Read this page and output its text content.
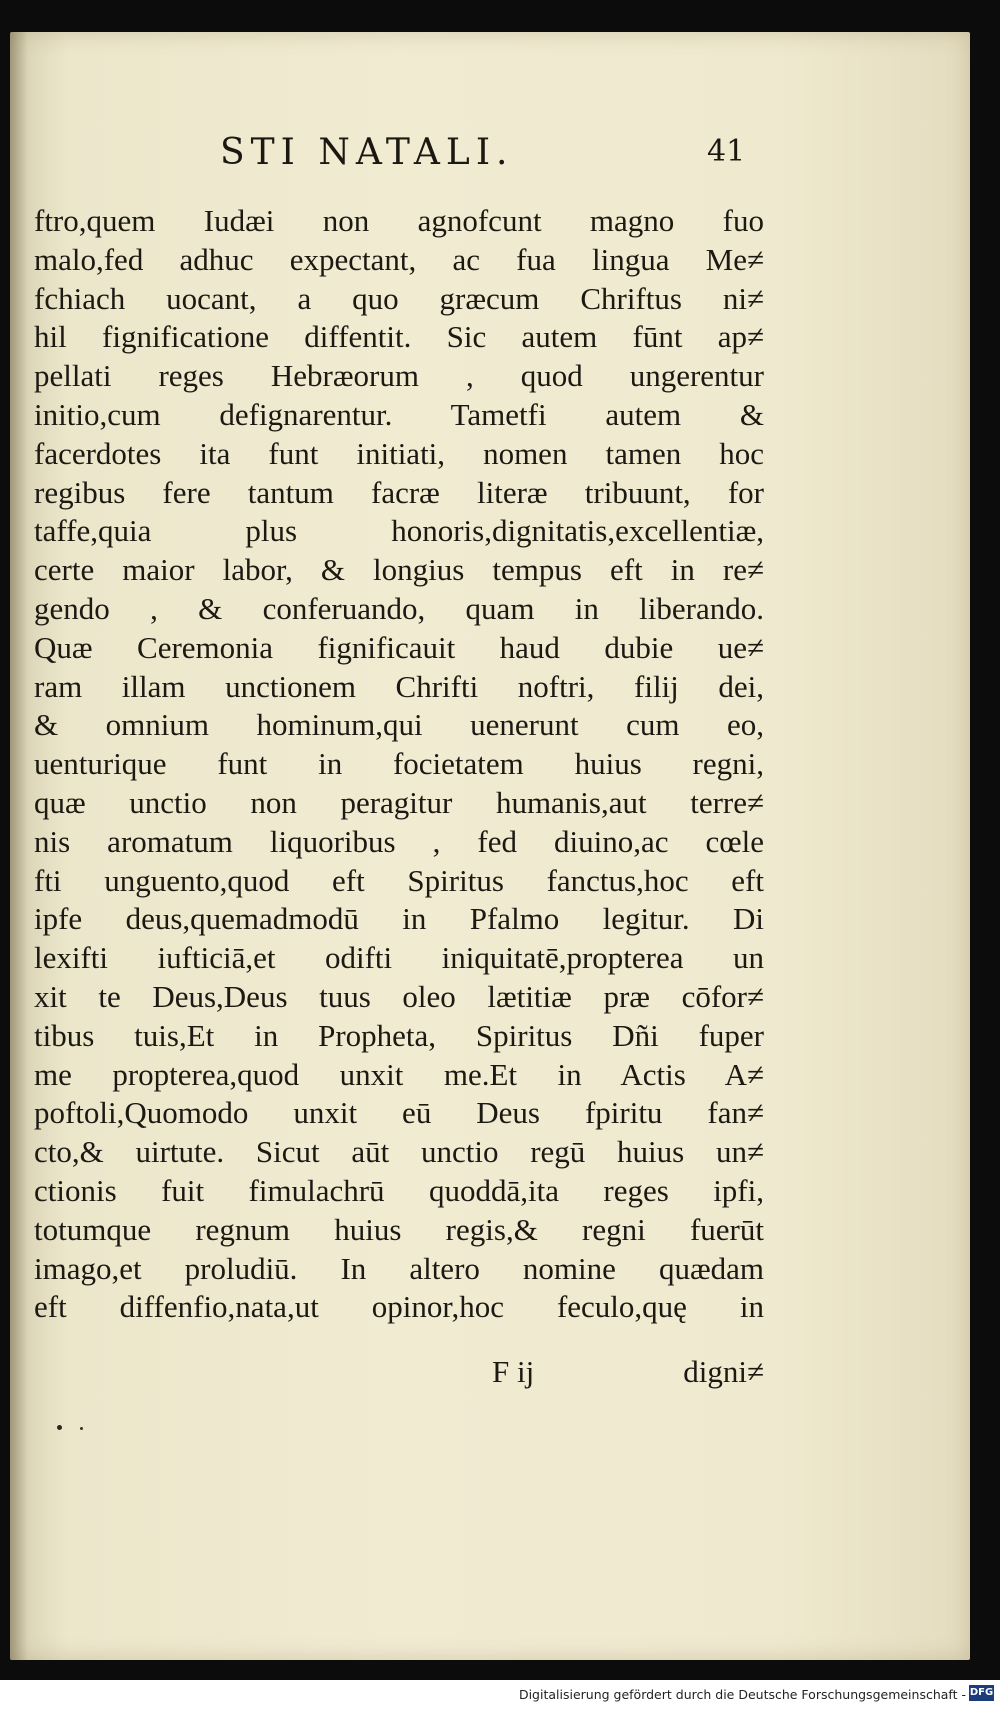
STI NATALI.	41
ftro,quem Iudæi non agnofcunt magno fuo
malo,fed adhuc expectant, ac fua lingua Me≠
fchiach uocant, a quo græcum Chriftus ni≠
hil fignificatione diffentit. Sic autem fūnt ap≠
pellati reges Hebræorum , quod ungerentur
initio,cum defignarentur. Tametfi autem &
facerdotes ita funt initiati, nomen tamen hoc
regibus fere tantum facræ literæ tribuunt, for
taffe,quia plus honoris,dignitatis,excellentiæ,
certe maior labor, & longius tempus eft in re≠
gendo , & conferuando, quam in liberando.
Quæ Ceremonia fignificauit haud dubie ue≠
ram illam unctionem Chrifti noftri, filij dei,
& omnium hominum,qui uenerunt cum eo,
uenturique funt in focietatem huius regni,
quæ unctio non peragitur humanis,aut terre≠
nis aromatum liquoribus , fed diuino,ac cœle
fti unguento,quod eft Spiritus fanctus,hoc eft
ipfe deus,quemadmodū in Pfalmo legitur. Di
lexifti iufticiā,et odifti iniquitatē,propterea un
xit te Deus,Deus tuus oleo lætitiæ præ cōfor≠
tibus tuis,Et in Propheta, Spiritus Dñi fuper
me propterea,quod unxit me.Et in Actis A≠
poftoli,Quomodo unxit eū Deus fpiritu fan≠
cto,& uirtute. Sicut aūt unctio regū huius un≠
ctionis fuit fimulachrū quoddā,ita reges ipfi,
totumque regnum huius regis,& regni fuerūt
imago,et proludiū. In altero nomine quædam
eft diffenfio,nata,ut opinor,hoc feculo,quę in
F ij	digni≠
Digitalisierung gefördert durch die Deutsche Forschungsgemeinschaft - DFG
